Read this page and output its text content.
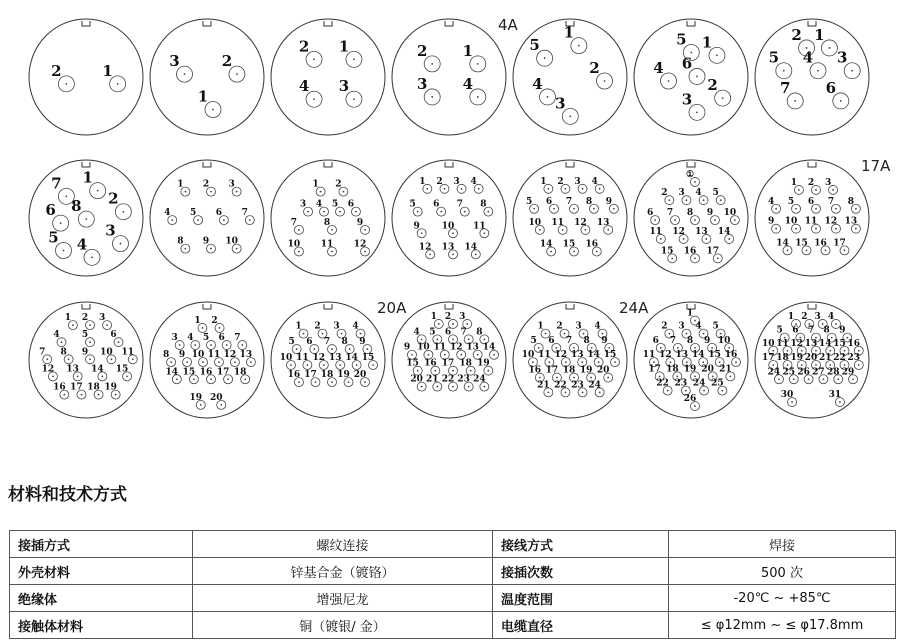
2	1
3	2
1
2 1
4 3
2 1
3 4
4A	1
5
2
4
3
5 1
6
4
2
3
2 1
5 4 3
7 6
7 1
8
6
2
3
5 4
1 2 3
4 5 6 7
8 9 10
1 2
3 4 5 6
7	8	9
10 11 12
1 2 3 4
5 6 7 8
9 10 11
12 13 14
1 2 3 4
5 6 7 8 9
10 11 12 13
14 15 16
①
2 3 4 5
6 7 8 9 10
11 12 13 14
15 16 17
1 2 3
4 5 6 7 8
9 10 11 12 13
14 15 16 17
17A
1 2 3
4 5 6
7 8 9 10 11
12 13 14 15
16 17 18 19
1 2
3 4 5 6 7
8 9 10 11 12 13
14 15 16 17 18
19 20
1 2 3 4
5 6 7 8 9
10 11 12 13 14 15
16 17 18 19 20
20A	1 2 3
4 5 6 7 8
9 10 11 12 13 14
15 16 17 18 19
20 21 22 23 24
1 2 3 4
5 6 7 8 9
10 11 12 13 14 15
16 17 18 19 20
21 22 23 24
24A	1
2 3 4 5
6 7 8 9 10
11 12 13 14 15 16
17 18 19 20 21
22 23 24 25
26
1 2 3 4
5 6 7 8 9
10 11 12 13 14 15 16
17 18 19 20 21 22 23
24 25 26 27 28 29
30	31
材料和技术方式
接插方式	螺纹连接	接线方式	焊接
外壳材料	锌基合金（镀铬）	接插次数	500 次
绝缘体	增强尼龙	温度范围	-20℃ ~ +85℃
接触体材料	铜（镀银/ 金）	电缆直径	≤ φ12mm ~ ≤ φ17.8mm
